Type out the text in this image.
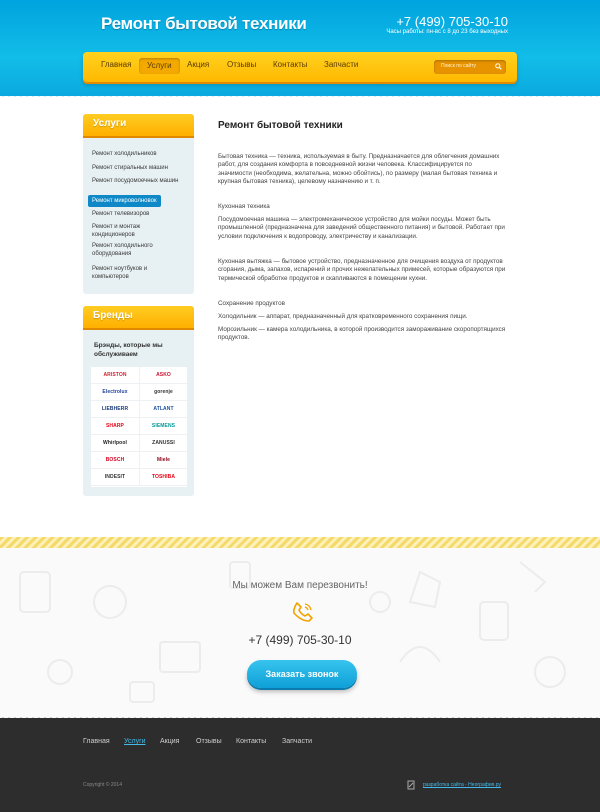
Ремонт бытовой техники	+7 (499) 705-30-10
Часы работы: пн-вс с 8 до 23 без выходных
Главная	Услуги	Акция Отзывы Контакты Запчасти	Поиск по сайту
Услуги
Ремонт холодильников
Ремонт стиральных машин
Ремонт посудомоечных машин
Ремонт микроволновок
Ремонт телевизоров
Ремонт и монтаж кондиционеров
Ремонт холодильного оборудования
Ремонт ноутбуков и компьютеров
Бренды
Брэнды, которые мы обслуживаем
ARISTON	ASKO
Electrolux	gorenje
LIEBHERR	ATLANT
SHARP	SIEMENS
Whirlpool	ZANUSSI
BOSCH	Miele
INDESIT	TOSHIBA
Ремонт бытовой техники
Бытовая техника — техника, используемая в быту. Предназначается для облегчения домашних работ, для создания комфорта в повседневной жизни человека. Классифицируется по значимости (необходима, желательна, можно обойтись), по размеру (малая бытовая техника и крупная бытовая техника), целевому назначению и т. п.
Кухонная техника
Посудомоечная машина — электромеханическое устройство для мойки посуды. Может быть промышленной (предназначена для заведений общественного питания) и бытовой. Работает при условии подключения к водопроводу, электричеству и канализации.
Кухонная вытяжка — бытовое устройство, предназначенное для очищения воздуха от продуктов сгорания, дыма, запахов, испарений и прочих нежелательных примесей, которые образуются при термической обработке продуктов и скапливаются в помещении кухни.
Сохранение продуктов
Холодильник — аппарат, предназначенный для кратковременного сохранения пищи.
Морозильник — камера холодильника, в которой производится замораживание скоропортящихся продуктов.
Мы можем Вам перезвонить!
+7 (499) 705-30-10
Заказать звонок
Главная Услуги Акция Отзывы Контакты Запчасти
Copyright © 2014	разработка сайта - Неография.ру
